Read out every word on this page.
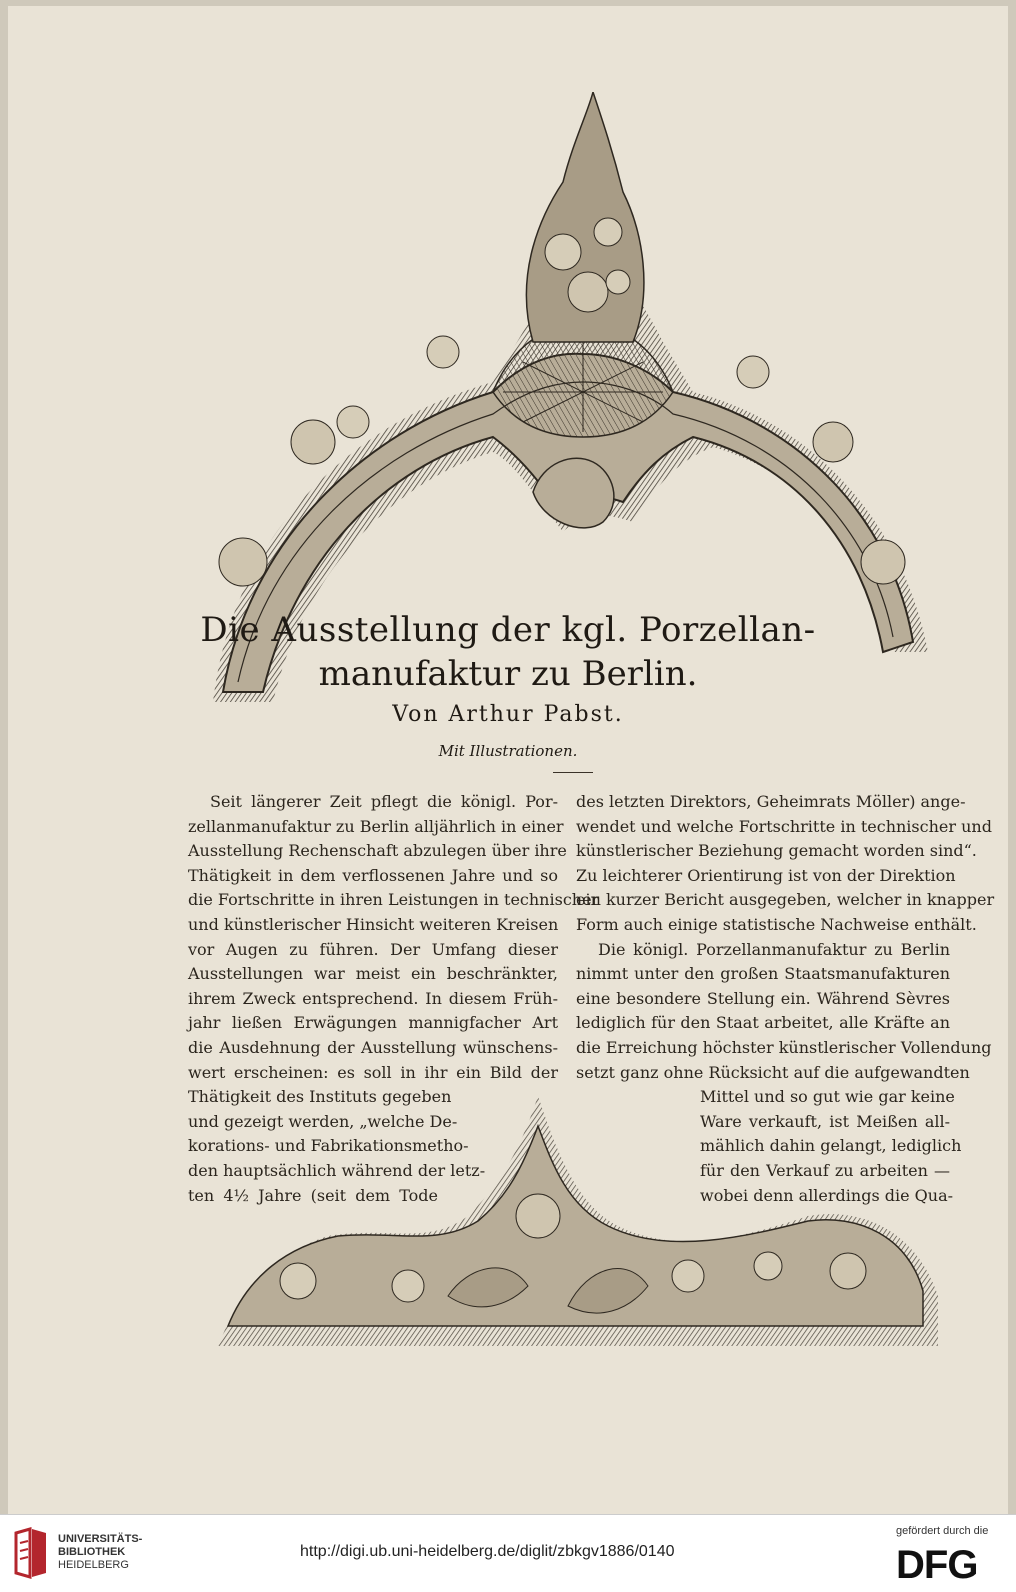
Die Ausstellung der kgl. Porzellan-
manufaktur zu Berlin.
Von Arthur Pabst.
Mit Illustrationen.
Seit längerer Zeit pflegt die königl. Por-
zellanmanufaktur zu Berlin alljährlich in einer
Ausstellung Rechenschaft abzulegen über ihre
Thätigkeit in dem verflossenen Jahre und so
die Fortschritte in ihren Leistungen in technischer
und künstlerischer Hinsicht weiteren Kreisen
vor Augen zu führen. Der Umfang dieser
Ausstellungen war meist ein beschränkter,
ihrem Zweck entsprechend. In diesem Früh-
jahr ließen Erwägungen mannigfacher Art
die Ausdehnung der Ausstellung wünschens-
wert erscheinen: es soll in ihr ein Bild der
Thätigkeit des Instituts gegeben
und gezeigt werden, „welche De-
korations- und Fabrikationsmetho-
den hauptsächlich während der letz-
ten 4½ Jahre (seit dem Tode
des letzten Direktors, Geheimrats Möller) ange-
wendet und welche Fortschritte in technischer und
künstlerischer Beziehung gemacht worden sind“.
Zu leichterer Orientirung ist von der Direktion
ein kurzer Bericht ausgegeben, welcher in knapper
Form auch einige statistische Nachweise enthält.
Die königl. Porzellanmanufaktur zu Berlin
nimmt unter den großen Staatsmanufakturen
eine besondere Stellung ein. Während Sèvres
lediglich für den Staat arbeitet, alle Kräfte an
die Erreichung höchster künstlerischer Vollendung
setzt ganz ohne Rücksicht auf die aufgewandten
Mittel und so gut wie gar keine
Ware verkauft, ist Meißen all-
mählich dahin gelangt, lediglich
für den Verkauf zu arbeiten —
wobei denn allerdings die Qua-
UNIVERSITÄTS-
BIBLIOTHEK
HEIDELBERG
http://digi.ub.uni-heidelberg.de/diglit/zbkgv1886/0140
gefördert durch die
DFG
